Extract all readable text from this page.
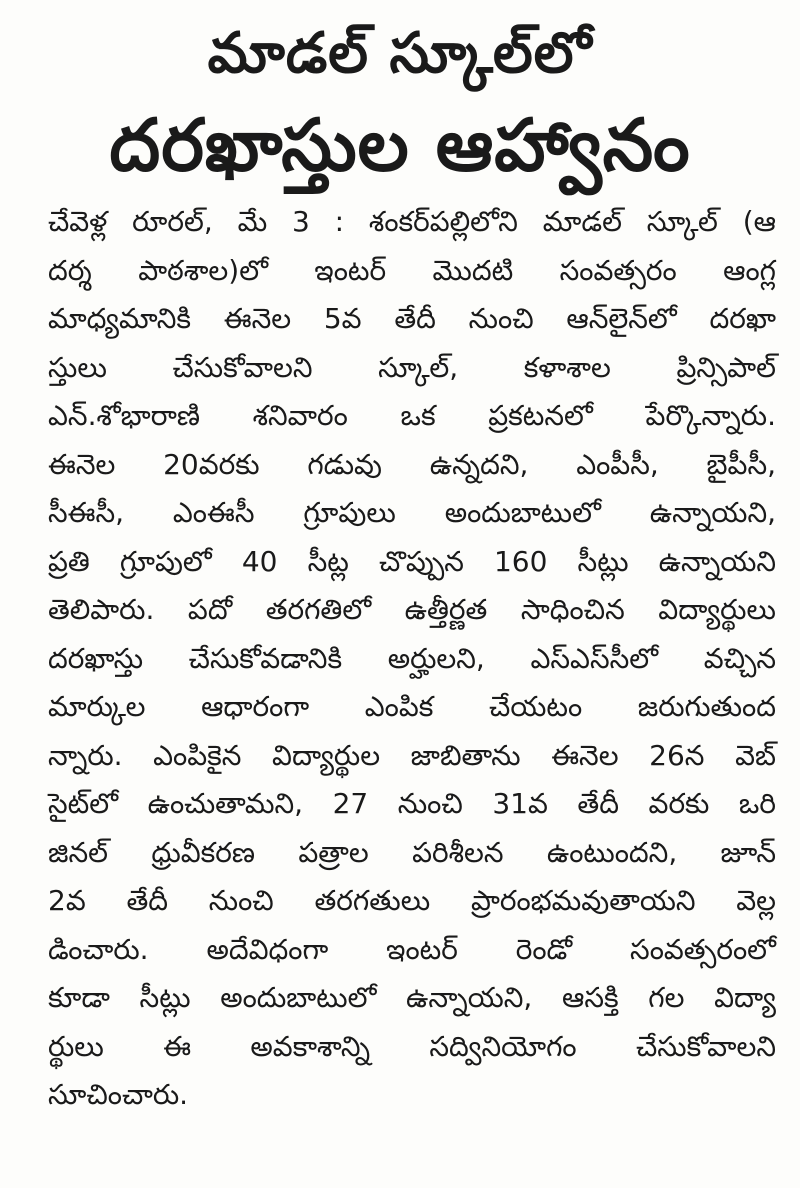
మాడల్ స్కూల్‌లో
దరఖాస్తుల ఆహ్వానం
చేవెళ్ల రూరల్, మే 3 : శంకర్‌పల్లిలోని మాడల్ స్కూల్ (ఆ
దర్శ పాఠశాల)లో ఇంటర్ మొదటి సంవత్సరం ఆంగ్ల
మాధ్యమానికి ఈనెల 5వ తేదీ నుంచి ఆన్‌లైన్‌లో దరఖా
స్తులు చేసుకోవాలని స్కూల్, కళాశాల ప్రిన్సిపాల్
ఎన్.శోభారాణి శనివారం ఒక ప్రకటనలో పేర్కొన్నారు.
ఈనెల 20వరకు గడువు ఉన్నదని, ఎంపీసీ, బైపీసీ,
సీఈసీ, ఎంఈసీ గ్రూపులు అందుబాటులో ఉన్నాయని,
ప్రతి గ్రూపులో 40 సీట్ల చొప్పున 160 సీట్లు ఉన్నాయని
తెలిపారు. పదో తరగతిలో ఉత్తీర్ణత సాధించిన విద్యార్థులు
దరఖాస్తు చేసుకోవడానికి అర్హులని, ఎస్ఎస్‌సీలో వచ్చిన
మార్కుల ఆధారంగా ఎంపిక చేయటం జరుగుతుంద
న్నారు. ఎంపికైన విద్యార్థుల జాబితాను ఈనెల 26న వెబ్
సైట్‌లో ఉంచుతామని, 27 నుంచి 31వ తేదీ వరకు ఒరి
జినల్ ధ్రువీకరణ పత్రాల పరిశీలన ఉంటుందని, జూన్
2వ తేదీ నుంచి తరగతులు ప్రారంభమవుతాయని వెల్ల
డించారు. అదేవిధంగా ఇంటర్ రెండో సంవత్సరంలో
కూడా సీట్లు అందుబాటులో ఉన్నాయని, ఆసక్తి గల విద్యా
ర్థులు ఈ అవకాశాన్ని సద్వినియోగం చేసుకోవాలని
సూచించారు.
